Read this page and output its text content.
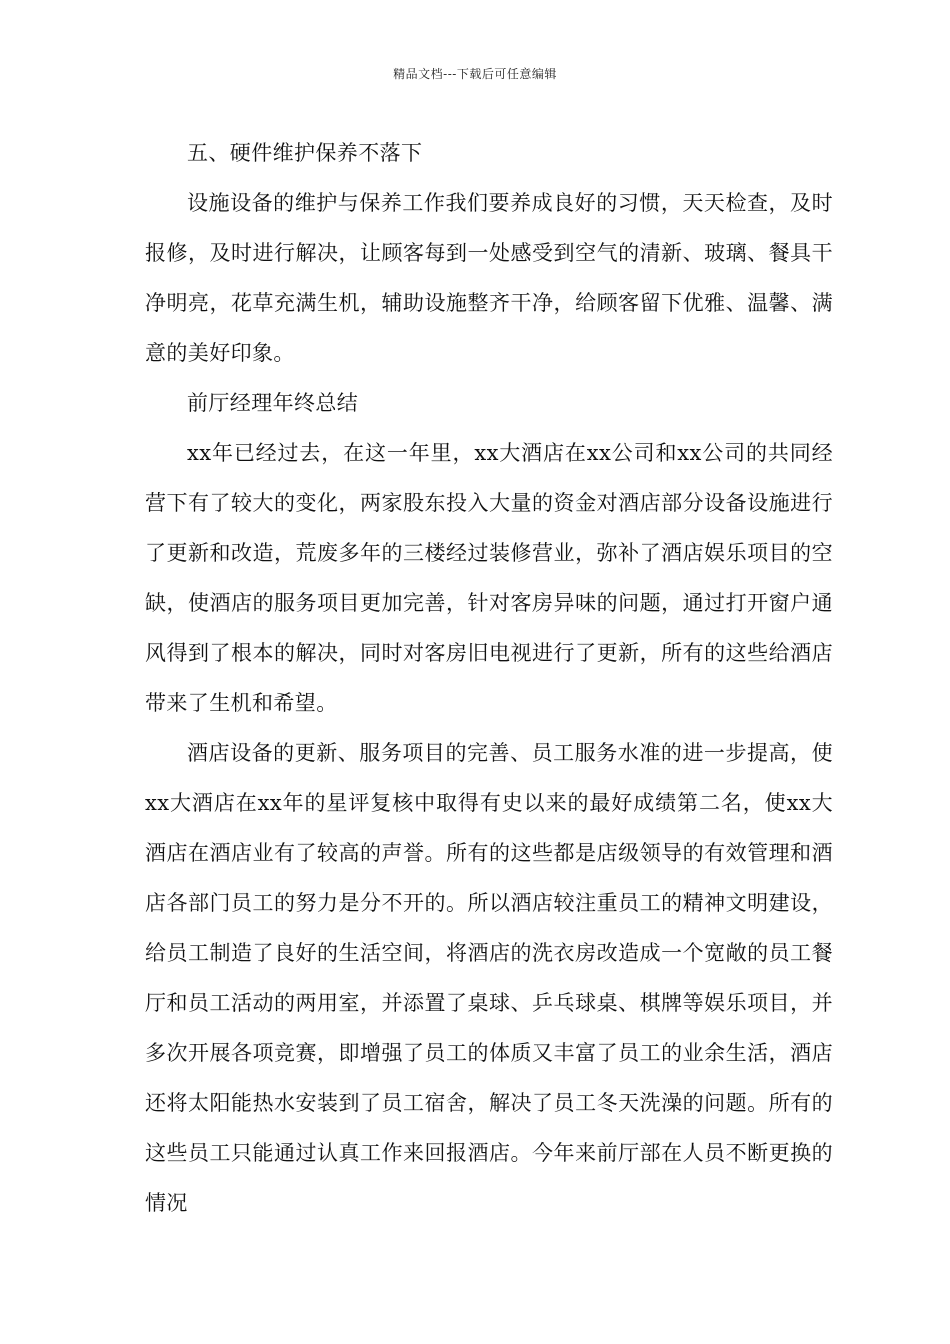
精品文档---下载后可任意编辑

五、硬件维护保养不落下

设施设备的维护与保养工作我们要养成良好的习惯，天天检查，及时报修，及时进行解决，让顾客每到一处感受到空气的清新、玻璃、餐具干净明亮，花草充满生机，辅助设施整齐干净，给顾客留下优雅、温馨、满意的美好印象。

前厅经理年终总结

xx年已经过去，在这一年里，xx大酒店在xx公司和xx公司的共同经营下有了较大的变化，两家股东投入大量的资金对酒店部分设备设施进行了更新和改造，荒废多年的三楼经过装修营业，弥补了酒店娱乐项目的空缺，使酒店的服务项目更加完善，针对客房异味的问题，通过打开窗户通风得到了根本的解决，同时对客房旧电视进行了更新，所有的这些给酒店带来了生机和希望。

酒店设备的更新、服务项目的完善、员工服务水准的进一步提高，使xx大酒店在xx年的星评复核中取得有史以来的最好成绩第二名，使xx大酒店在酒店业有了较高的声誉。所有的这些都是店级领导的有效管理和酒店各部门员工的努力是分不开的。所以酒店较注重员工的精神文明建设，给员工制造了良好的生活空间，将酒店的洗衣房改造成一个宽敞的员工餐厅和员工活动的两用室，并添置了桌球、乒乓球桌、棋牌等娱乐项目，并多次开展各项竞赛，即增强了员工的体质又丰富了员工的业余生活，酒店还将太阳能热水安装到了员工宿舍，解决了员工冬天洗澡的问题。所有的这些员工只能通过认真工作来回报酒店。今年来前厅部在人员不断更换的情况
